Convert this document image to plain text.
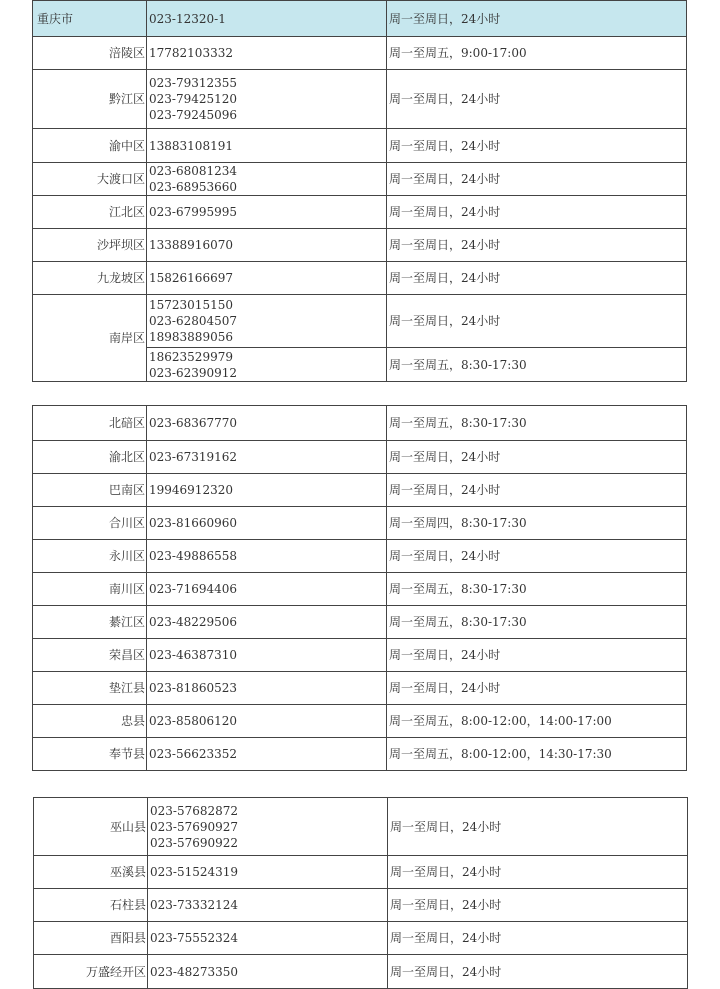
重庆市	023-12320-1	周一至周日，24小时
涪陵区	17782103332	周一至周五，9:00-17:00
黔江区	023-79312355
023-79425120
023-79245096	周一至周日，24小时
渝中区	13883108191	周一至周日，24小时
大渡口区	023-68081234
023-68953660	周一至周日，24小时
江北区	023-67995995	周一至周日，24小时
沙坪坝区	13388916070	周一至周日，24小时
九龙坡区	15826166697	周一至周日，24小时
南岸区	15723015150
023-62804507
18983889056	周一至周日，24小时

	18623529979
023-62390912	周一至周五，8:30-17:30
北碚区	023-68367770	周一至周五，8:30-17:30
渝北区	023-67319162	周一至周日，24小时
巴南区	19946912320	周一至周日，24小时
合川区	023-81660960	周一至周四，8:30-17:30
永川区	023-49886558	周一至周日，24小时
南川区	023-71694406	周一至周五，8:30-17:30
綦江区	023-48229506	周一至周五，8:30-17:30
荣昌区	023-46387310	周一至周日，24小时
垫江县	023-81860523	周一至周日，24小时
忠县	023-85806120	周一至周五，8:00-12:00，14:00-17:00
奉节县	023-56623352	周一至周五，8:00-12:00，14:30-17:30
巫山县	023-57682872
023-57690927
023-57690922	周一至周日，24小时
巫溪县	023-51524319	周一至周日，24小时
石柱县	023-73332124	周一至周日，24小时
酉阳县	023-75552324	周一至周日，24小时
万盛经开区	023-48273350	周一至周日，24小时
